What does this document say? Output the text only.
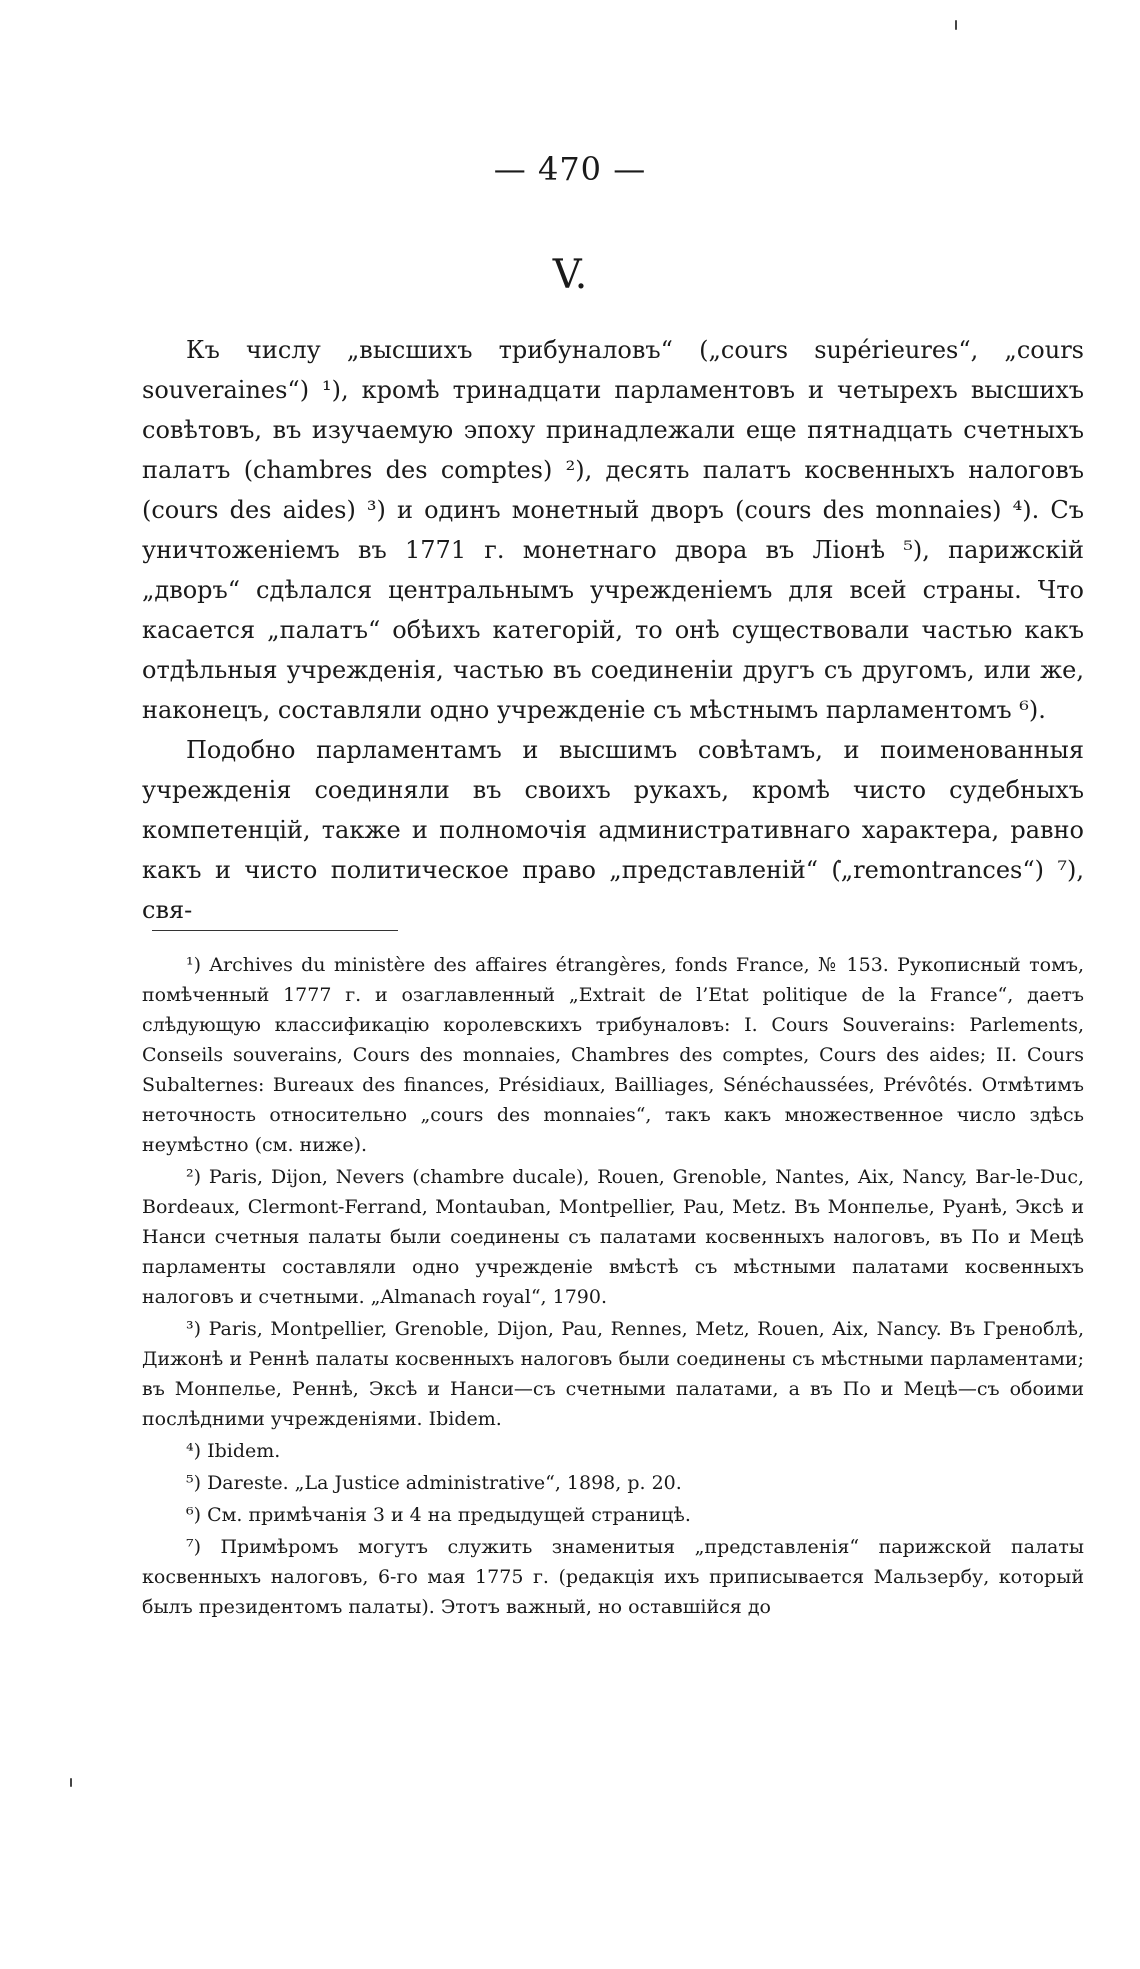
— 470 —
V.

Къ числу „высшихъ трибуналовъ“ („cours supérieures“, „cours souveraines“) ¹), кромѣ тринадцати парламентовъ и четырехъ высшихъ совѣтовъ, въ изучаемую эпоху принадлежали еще пятнадцать счетныхъ палатъ (chambres des comptes) ²), десять палатъ косвенныхъ налоговъ (cours des aides) ³) и одинъ монетный дворъ (cours des monnaies) ⁴). Съ уничтоженіемъ въ 1771 г. монетнаго двора въ Ліонѣ ⁵), парижскій „дворъ“ сдѣлался центральнымъ учрежденіемъ для всей страны. Что касается „палатъ“ обѣихъ категорій, то онѣ существовали частью какъ отдѣльныя учрежденія, частью въ соединеніи другъ съ другомъ, или же, наконецъ, составляли одно учрежденіе съ мѣстнымъ парламентомъ ⁶).

Подобно парламентамъ и высшимъ совѣтамъ, и поименованныя учрежденія соединяли въ своихъ рукахъ, кромѣ чисто судебныхъ компетенцій, также и полномочія административнаго характера, равно какъ и чисто политическое право „представленій“ („remontrances“) ⁷), свя-

¹) Archives du ministère des affaires étrangères, fonds France, № 153. Рукописный томъ, помѣченный 1777 г. и озаглавленный „Extrait de l’Etat politique de la France“, даетъ слѣдующую классификацію королевскихъ трибуналовъ: I. Cours Souverains: Parlements, Conseils souverains, Cours des monnaies, Chambres des comptes, Cours des aides; II. Cours Subalternes: Bureaux des finances, Présidiaux, Bailliages, Sénéchaussées, Prévôtés. Отмѣтимъ неточность относительно „cours des monnaies“, такъ какъ множественное число здѣсь неумѣстно (см. ниже).

²) Paris, Dijon, Nevers (chambre ducale), Rouen, Grenoble, Nantes, Aix, Nancy, Bar-le-Duc, Bordeaux, Clermont-Ferrand, Montauban, Montpellier, Pau, Metz. Въ Монпелье, Руанѣ, Эксѣ и Нанси счетныя палаты были соединены съ палатами косвенныхъ налоговъ, въ По и Мецѣ парламенты составляли одно учрежденіе вмѣстѣ съ мѣстными палатами косвенныхъ налоговъ и счетными. „Almanach royal“, 1790.

³) Paris, Montpellier, Grenoble, Dijon, Pau, Rennes, Metz, Rouen, Aix, Nancy. Въ Греноблѣ, Дижонѣ и Реннѣ палаты косвенныхъ налоговъ были соединены съ мѣстными парламентами; въ Монпелье, Реннѣ, Эксѣ и Нанси—съ счетными палатами, а въ По и Мецѣ—съ обоими послѣдними учрежденіями. Ibidem.

⁴) Ibidem.

⁵) Dareste. „La Justice administrative“, 1898, p. 20.

⁶) См. примѣчанія 3 и 4 на предыдущей страницѣ.

⁷) Примѣромъ могутъ служить знаменитыя „представленія“ парижской палаты косвенныхъ налоговъ, 6-го мая 1775 г. (редакція ихъ приписывается Мальзербу, который былъ президентомъ палаты). Этотъ важный, но оставшійся до
